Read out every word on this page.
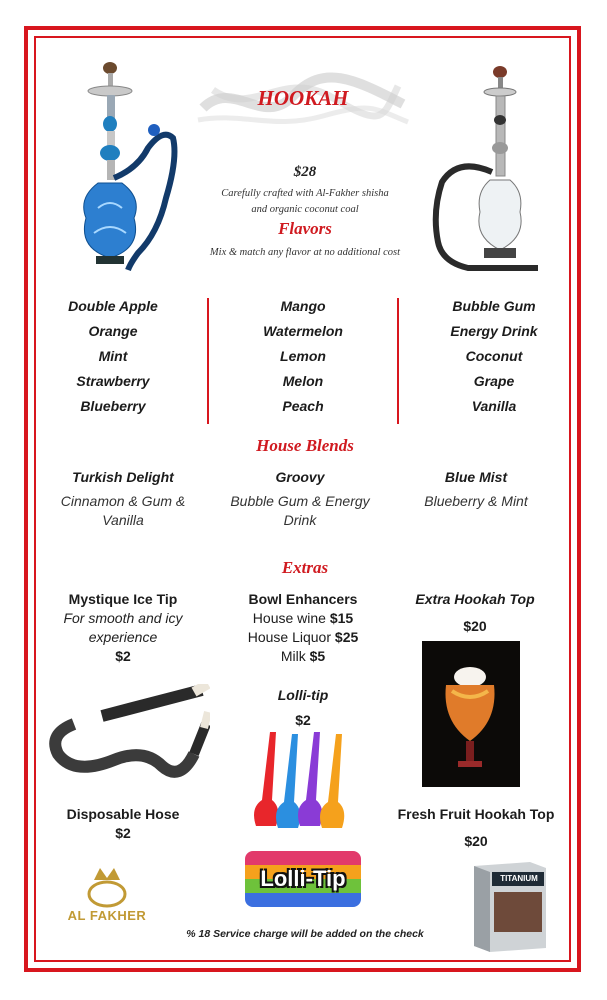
HOOKAH
$28
Carefully crafted with Al-Fakher shisha
and organic coconut coal
Flavors
Mix & match any flavor at no additional cost
Double Apple
Orange
Mint
Strawberry
Blueberry
Mango
Watermelon
Lemon
Melon
Peach
Bubble Gum
Energy Drink
Coconut
Grape
Vanilla
House Blends
Turkish Delight
Cinnamon & Gum & Vanilla
Groovy
Bubble Gum & Energy Drink
Blue Mist
Blueberry & Mint
Extras
Mystique Ice Tip
For smooth and icy
experience
$2
Bowl Enhancers
House wine $15
House Liquor $25
Milk $5
Extra Hookah Top
$20
Lolli-tip
$2
Disposable Hose
$2
Fresh Fruit Hookah Top
$20
Lolli-Tip
AL FAKHER
% 18 Service charge will be added on the check
TITANIUM
